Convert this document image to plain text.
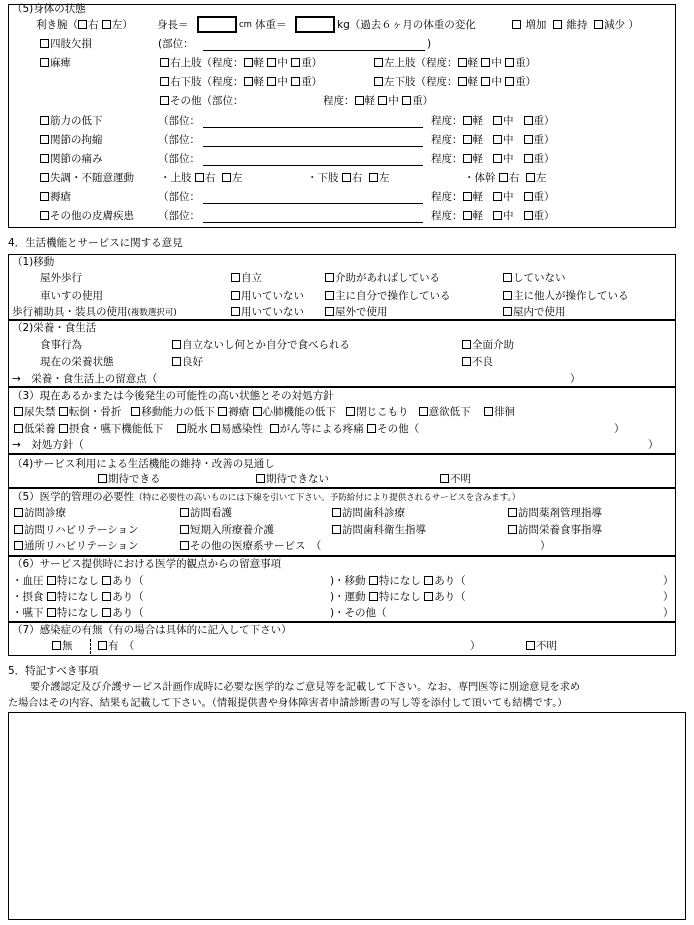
（5)身体の状態
利き腕（ 右 左） 身長＝	cm 体重＝	kg（過去６ヶ月の体重の変化	増加 維持 減少 ）
四肢欠損	(部位：	)
麻痺	右上肢（程度： 軽 中 重）	左上肢（程度： 軽 中 重）
右下肢（程度： 軽 中 重）	左下肢（程度： 軽 中 重）
その他（部位：	程度： 軽 中 重）
筋力の低下	（部位：	程度： 軽 中 重）
関節の拘縮	（部位：	程度： 軽 中 重）
関節の痛み	（部位：	程度： 軽 中 重）
失調・不随意運動 ・上肢 右 左	・下肢 右 左	・体幹 右 左
褥瘡	（部位：	程度： 軽 中 重）
その他の皮膚疾患 （部位：	程度： 軽 中 重）
4．生活機能とサービスに関する意見
（1)移動
屋外歩行	自立	介助があればしている	していない
車いすの使用	用いていない	主に自分で操作している	主に他人が操作している
歩行補助具・装具の使用(複数選択可)	用いていない	屋外で使用	屋内で使用
（2)栄養・食生活
食事行為	自立ないし何とか自分で食べられる	全面介助
現在の栄養状態	良好	不良
→　栄養・食生活上の留意点（	）
（3）現在あるかまたは今後発生の可能性の高い状態とその対処方針
尿失禁 転倒・骨折 移動能力の低下 褥瘡 心肺機能の低下 閉じこもり 意欲低下 徘徊
低栄養 摂食・嚥下機能低下 脱水 易感染性 がん等による疼痛 その他（	）
→　対処方針（	）
（4)サービス利用による生活機能の維持・改善の見通し
期待できる	期待できない	不明
（5）医学的管理の必要性（特に必要性の高いものには下線を引いて下さい。予防給付により提供されるサービスを含みます。）
訪問診療	訪問看護	訪問歯科診療	訪問薬剤管理指導
訪問リハビリテーション	短期入所療養介護	訪問歯科衛生指導	訪問栄養食事指導
通所リハビリテーション	その他の医療系サービス　（	）
（6）サービス提供時における医学的観点からの留意事項
・血圧 特になし あり（	) ・移動 特になし あり（	）
・摂食 特になし あり（	) ・運動 特になし あり（	）
・嚥下 特になし あり（	) ・その他（	）
（7）感染症の有無（有の場合は具体的に記入して下さい）
無	有　（	）	不明
5．特記すべき事項
要介護認定及び介護サービス計画作成時に必要な医学的なご意見等を記載して下さい。なお、専門医等に別途意見を求め
た場合はその内容、結果も記載して下さい。（情報提供書や身体障害者申請診断書の写し等を添付して頂いても結構です。）
